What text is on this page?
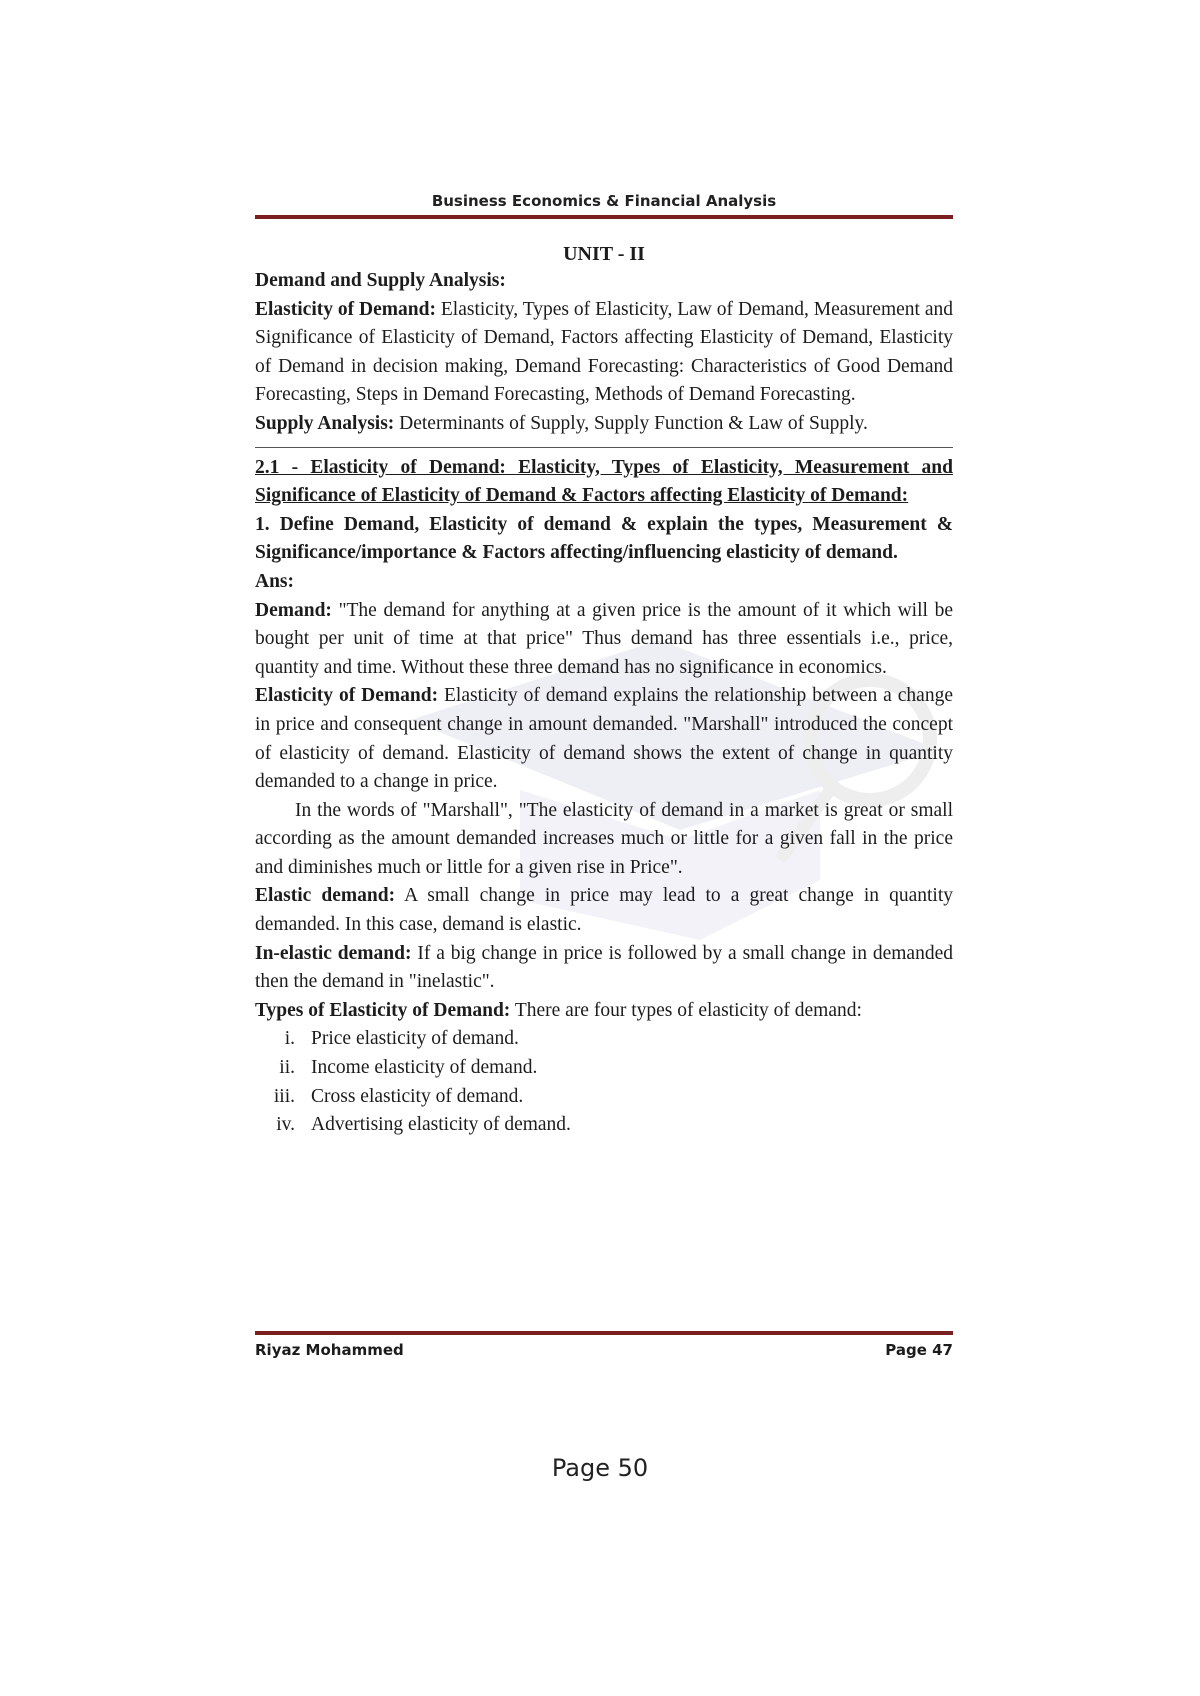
Business Economics & Financial Analysis
UNIT - II

Demand and Supply Analysis:

Elasticity of Demand: Elasticity, Types of Elasticity, Law of Demand, Measurement and Significance of Elasticity of Demand, Factors affecting Elasticity of Demand, Elasticity of Demand in decision making, Demand Forecasting: Characteristics of Good Demand Forecasting, Steps in Demand Forecasting, Methods of Demand Forecasting.

Supply Analysis: Determinants of Supply, Supply Function & Law of Supply.

2.1 - Elasticity of Demand: Elasticity, Types of Elasticity, Measurement and Significance of Elasticity of Demand & Factors affecting Elasticity of Demand:

1. Define Demand, Elasticity of demand & explain the types, Measurement & Significance/importance & Factors affecting/influencing elasticity of demand.

Ans:

Demand: "The demand for anything at a given price is the amount of it which will be bought per unit of time at that price" Thus demand has three essentials i.e., price, quantity and time. Without these three demand has no significance in economics.

Elasticity of Demand: Elasticity of demand explains the relationship between a change in price and consequent change in amount demanded. "Marshall" introduced the concept of elasticity of demand. Elasticity of demand shows the extent of change in quantity demanded to a change in price.

In the words of "Marshall", "The elasticity of demand in a market is great or small according as the amount demanded increases much or little for a given fall in the price and diminishes much or little for a given rise in Price".

Elastic demand: A small change in price may lead to a great change in quantity demanded. In this case, demand is elastic.

In-elastic demand: If a big change in price is followed by a small change in demanded then the demand in "inelastic".

Types of Elasticity of Demand: There are four types of elasticity of demand:

i. Price elasticity of demand.
ii. Income elasticity of demand.
iii. Cross elasticity of demand.
iv. Advertising elasticity of demand.
Riyaz Mohammed	Page 47
Page 50
